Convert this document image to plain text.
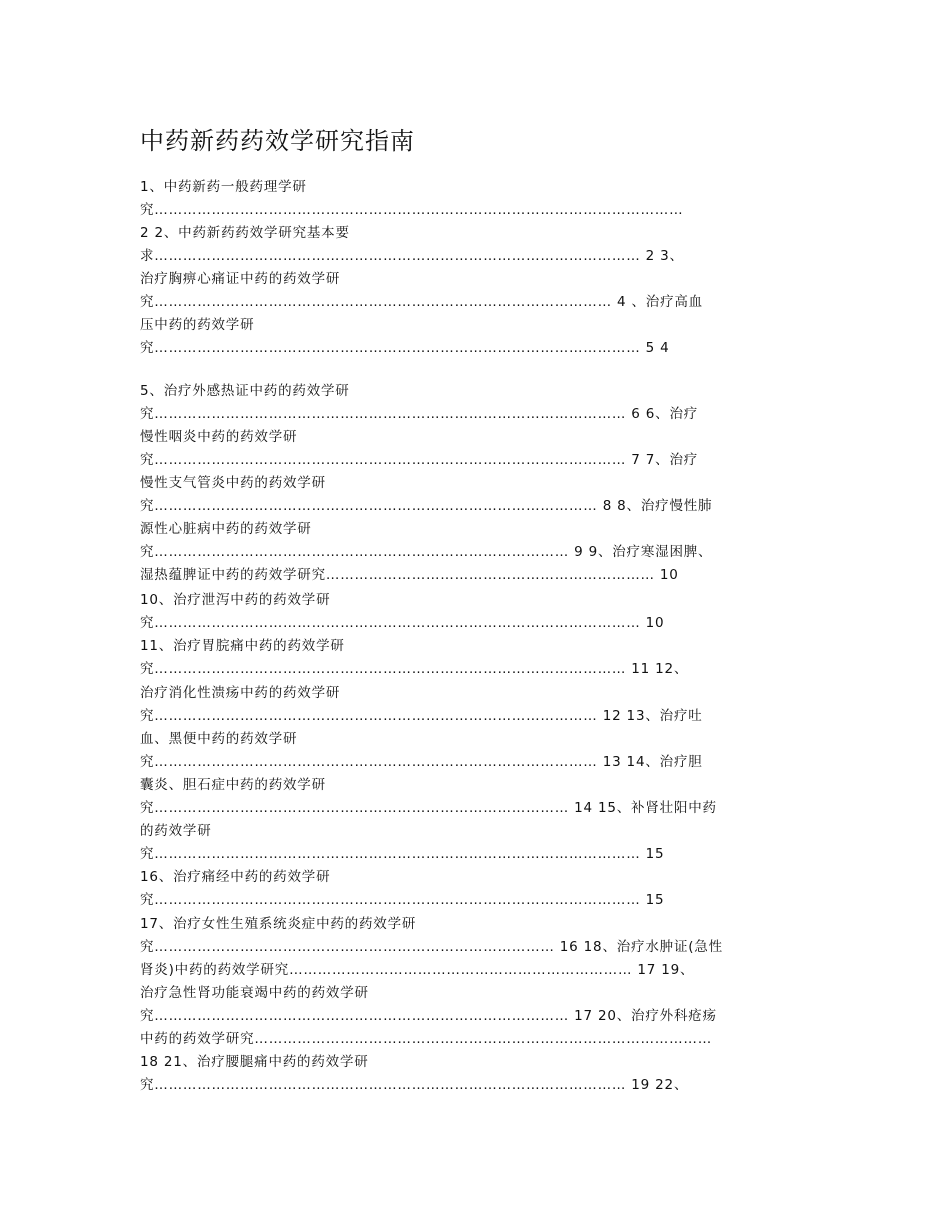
中药新药药效学研究指南
1、中药新药一般药理学研
究…………………………………………………………………………………………………
2 2、中药新药药效学研究基本要
求………………………………………………………………………………………… 2 3、
治疗胸痹心痛证中药的药效学研
究…………………………………………………………………………………… 4 、治疗高血
压中药的药效学研
究………………………………………………………………………………………… 5 4
5、治疗外感热证中药的药效学研
究……………………………………………………………………………………… 6 6、治疗
慢性咽炎中药的药效学研
究……………………………………………………………………………………… 7 7、治疗
慢性支气管炎中药的药效学研
究………………………………………………………………………………… 8 8、治疗慢性肺
源性心脏病中药的药效学研
究…………………………………………………………………………… 9 9、治疗寒湿困脾、
湿热蕴脾证中药的药效学研究…………………………………………………………… 10
10、治疗泄泻中药的药效学研
究………………………………………………………………………………………… 10
11、治疗胃脘痛中药的药效学研
究……………………………………………………………………………………… 11 12、
治疗消化性溃疡中药的药效学研
究………………………………………………………………………………… 12 13、治疗吐
血、黑便中药的药效学研
究………………………………………………………………………………… 13 14、治疗胆
囊炎、胆石症中药的药效学研
究…………………………………………………………………………… 14 15、补肾壮阳中药
的药效学研
究………………………………………………………………………………………… 15
16、治疗痛经中药的药效学研
究………………………………………………………………………………………… 15
17、治疗女性生殖系统炎症中药的药效学研
究………………………………………………………………………… 16 18、治疗水肿证(急性
肾炎)中药的药效学研究……………………………………………………………… 17 19、
治疗急性肾功能衰竭中药的药效学研
究…………………………………………………………………………… 17 20、治疗外科疮疡
中药的药效学研究……………………………………………………………………………………
18 21、治疗腰腿痛中药的药效学研
究……………………………………………………………………………………… 19 22、
